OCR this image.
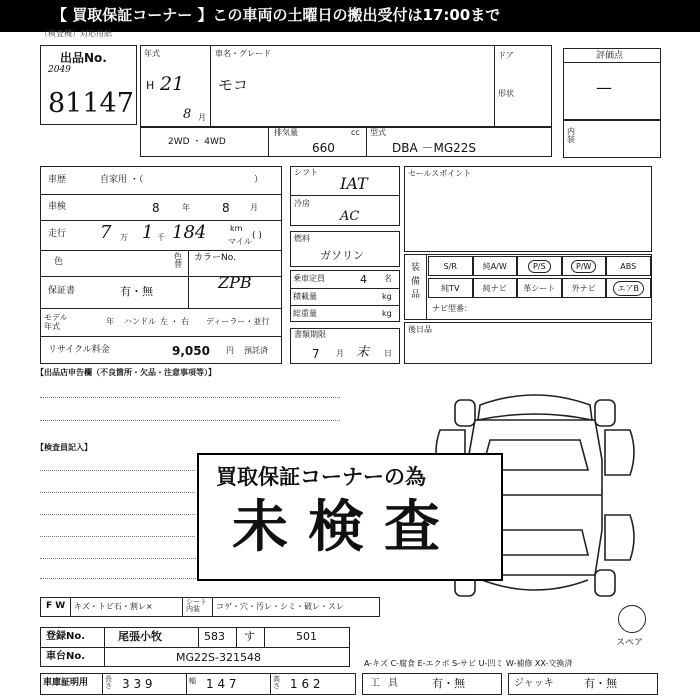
【 買取保証コーナー 】この車両の土曜日の搬出受付は17:00まで
（検査機）対応用紙
出品No.
2049
81147
年式
H 21
8 月
車名・グレード
モコ
ドア
形状
評価点
—
内装
2WD ・ 4WD
排気量	cc
660
型式
DBA －MG22S
車歴	自家用 ・（	）
車検	8	年	8	月
走行 7 万 1 千 184	km
マイル
( )
色
色替
カラーNo.
ZPB
保証書	有・無
モデル年式
年 ハンドル 左 ・ 右 ディーラー・並行
リサイクル料金	9,050 円 預託済
シフト
IAT
冷房
AC
燃料
ガソリン
乗車定員	4 名
積載量	kg
総重量	kg
書類期限
7 月 末 日
セールスポイント
装備品
S/R	純A/W	P/S	P/W	ABS
純TV	純ナビ 革シート 外ナビ	エアB
ナビ型番：
後日品
【出品店申告欄（不良箇所・欠品・注意事項等）】
【検査員記入】
買取保証コーナーの為
未検査
スペア
F W キズ・トビ石・割レ×	シート内装	コゲ・穴・汚レ・シミ・破レ・スレ
登録No.	尾張小牧	583 す	501
車台No.	MG22S-321548	A-キズ C-腐食 E-エクボ S-サビ U-凹ミ W-補修 XX-交換済
車庫証明用 長さ 3 3 9	幅 1 4 7	高さ 1 6 2	工具 有・無	ジャッキ	有・無
